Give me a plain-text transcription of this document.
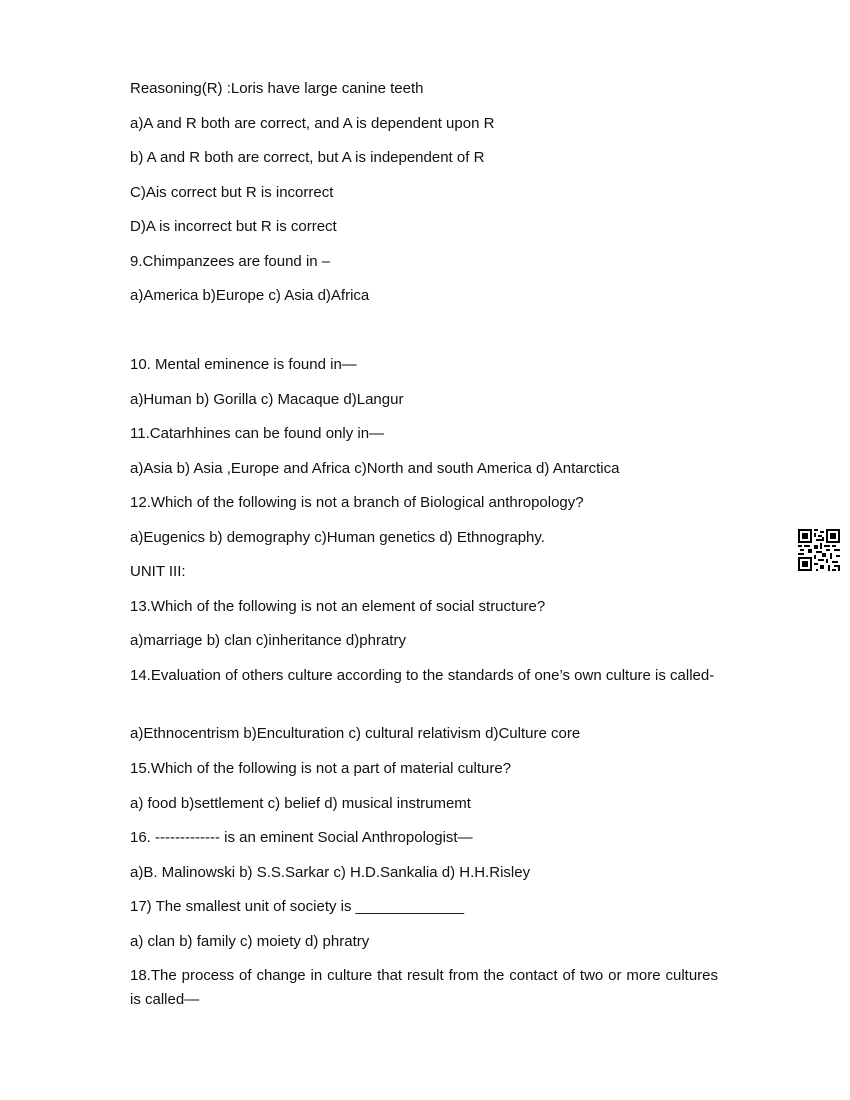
Reasoning(R) :Loris have large canine teeth

a)A and R both are correct, and A is dependent upon R

b) A and R both are correct, but A is independent of R

C)Ais correct but R is incorrect

D)A is incorrect but R is correct

9.Chimpanzees are found in –

a)America b)Europe c) Asia d)Africa

10. Mental eminence is found in—

a)Human b) Gorilla c) Macaque d)Langur

11.Catarhhines can be found only in—

a)Asia b) Asia ,Europe and Africa c)North and south America d) Antarctica

12.Which of the following is not a branch of Biological anthropology?

a)Eugenics b) demography c)Human genetics d) Ethnography.

UNIT III:

13.Which of the following is not an element of social structure?

a)marriage b) clan c)inheritance d)phratry

14.Evaluation of others culture according to the standards of one’s own culture is called-

a)Ethnocentrism b)Enculturation c) cultural relativism d)Culture core

15.Which of the following is not a part of material culture?

a) food b)settlement c) belief d) musical instrumemt

16. ------------- is an eminent Social Anthropologist—

a)B. Malinowski b) S.S.Sarkar c) H.D.Sankalia d) H.H.Risley

17) The smallest unit of society is _____________

a) clan b) family c) moiety d) phratry

18.The process of change in culture that result from the contact of two or more cultures is called—
